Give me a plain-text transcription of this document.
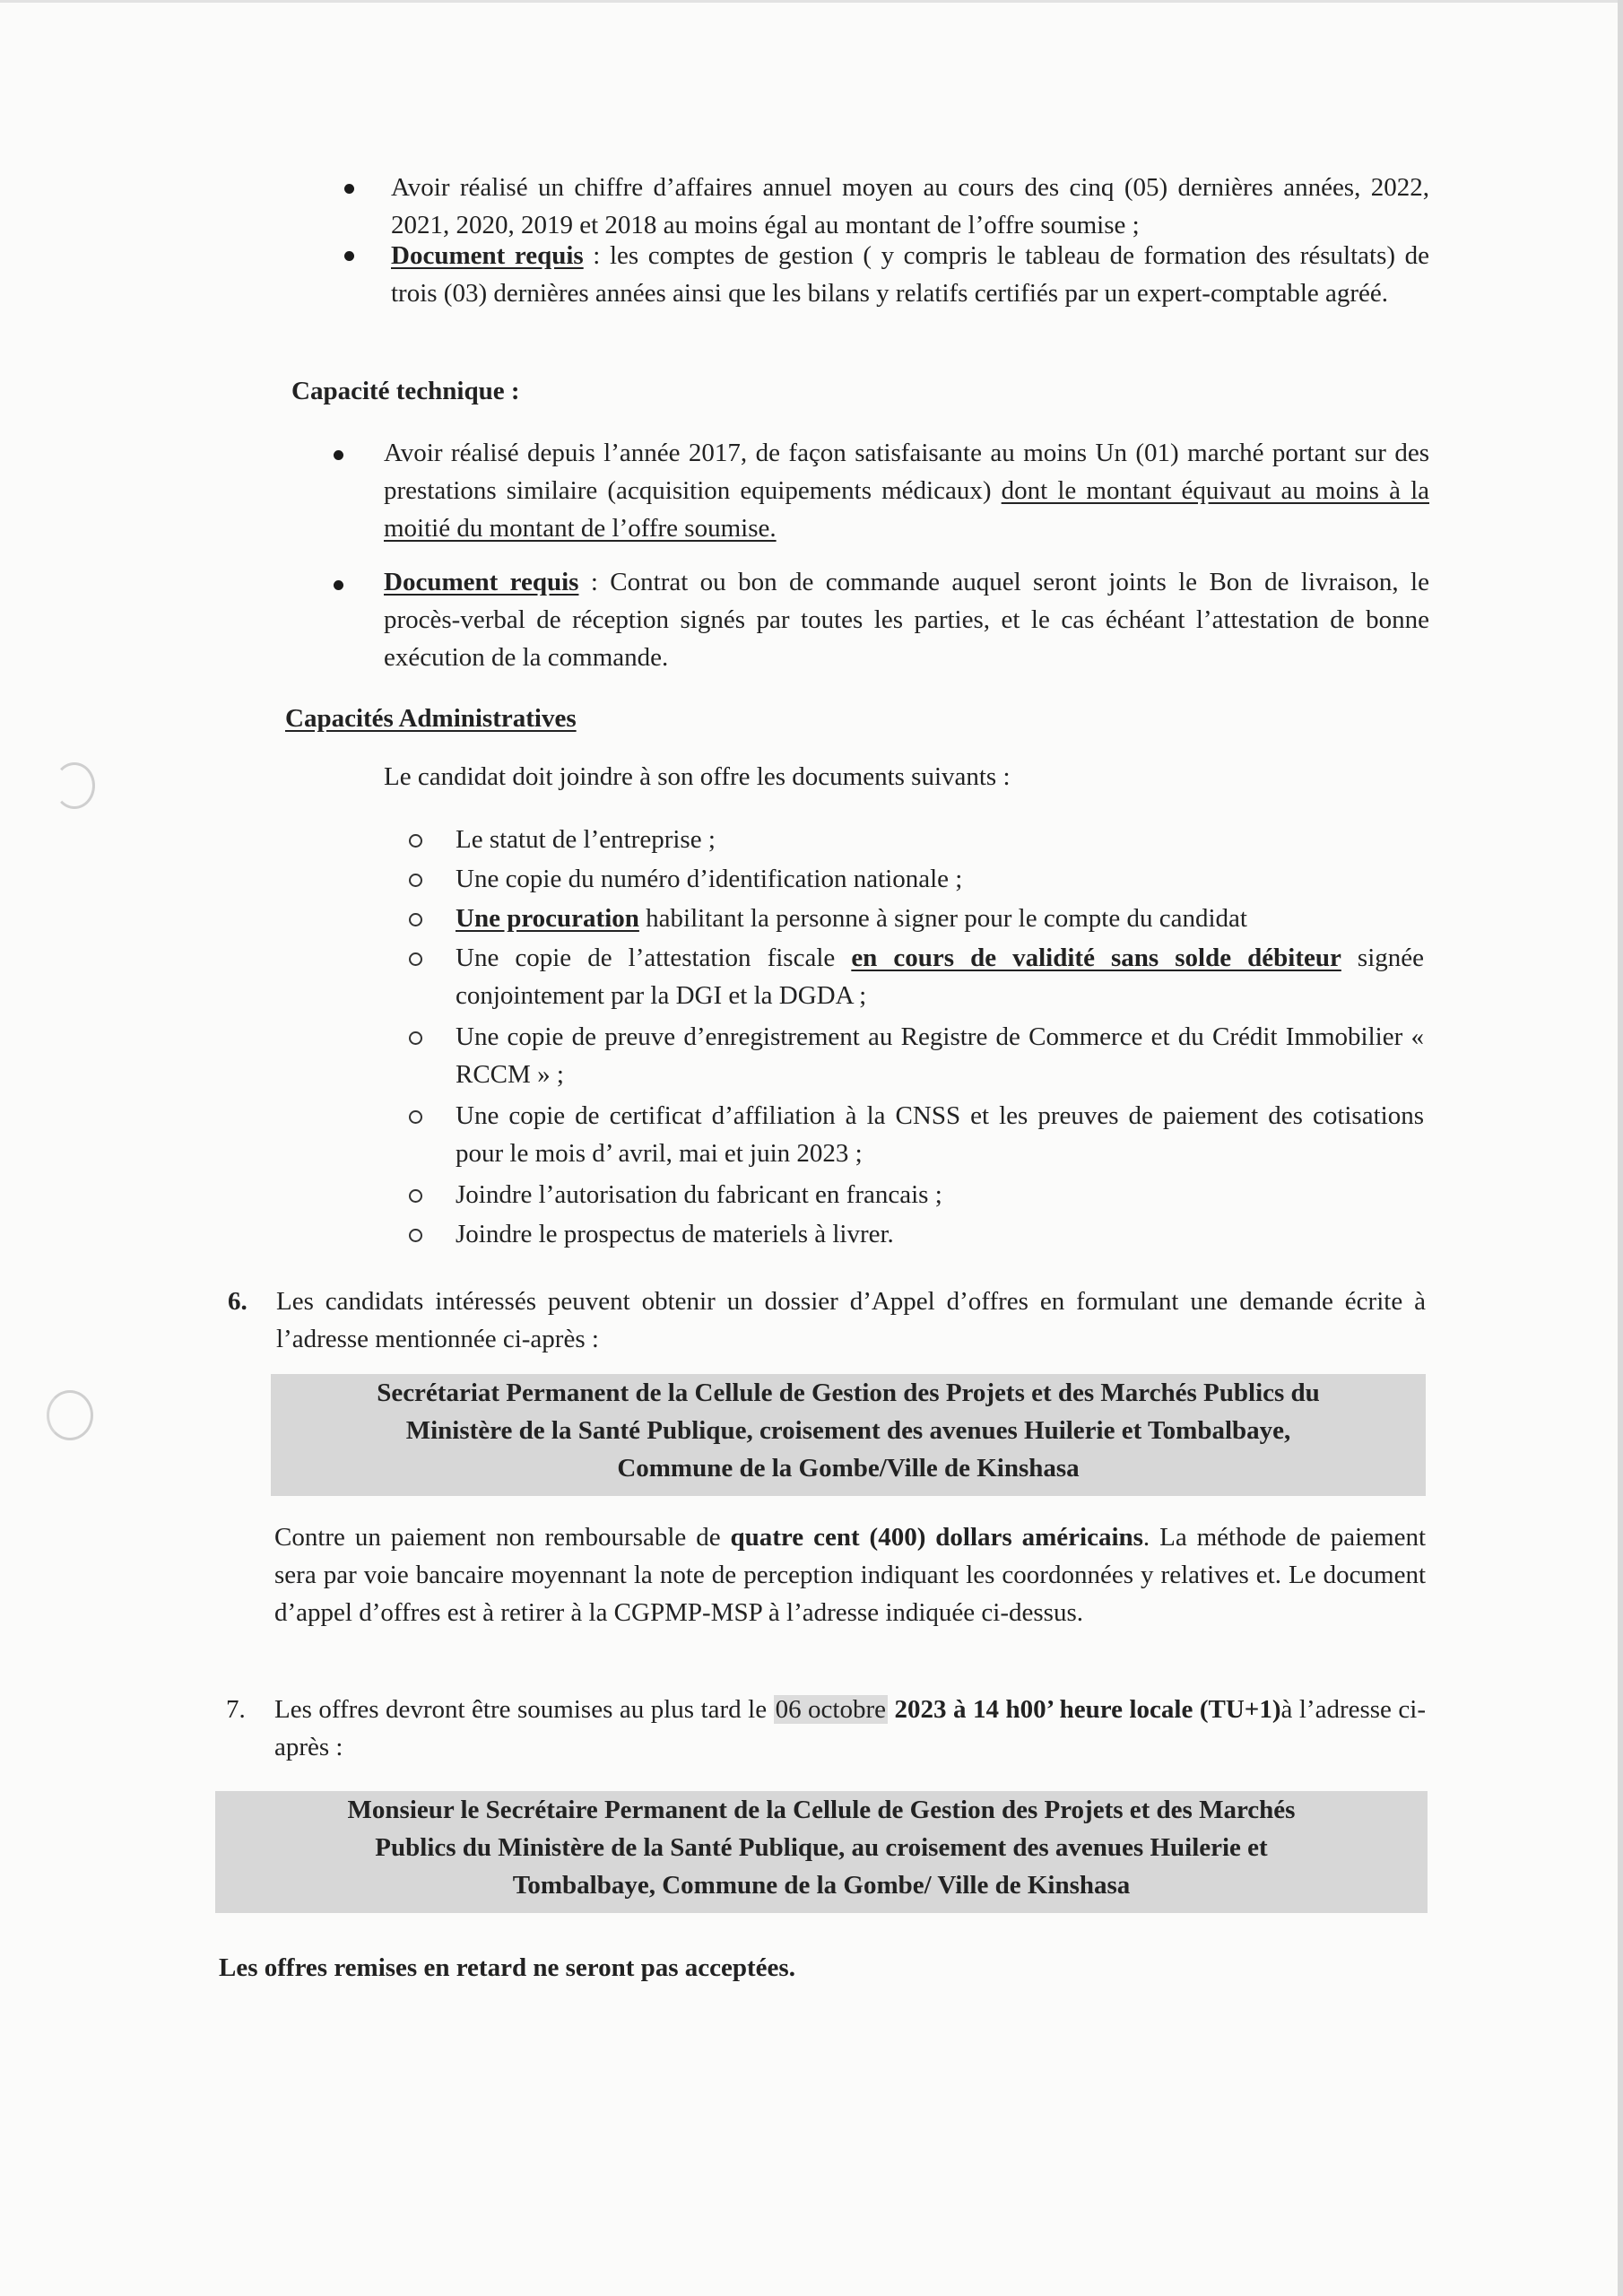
Avoir réalisé un chiffre d’affaires annuel moyen au cours des cinq (05) dernières années, 2022, 2021, 2020, 2019 et 2018 au moins égal au montant de l’offre soumise ;
Document requis : les comptes de gestion ( y compris le tableau de formation des résultats) de trois (03) dernières années ainsi que les bilans y relatifs certifiés par un expert-comptable agréé.
Capacité technique :
Avoir réalisé depuis l’année 2017, de façon satisfaisante au moins Un (01) marché portant sur des prestations similaire (acquisition equipements médicaux) dont le montant équivaut au moins à la moitié du montant de l’offre soumise.
Document requis : Contrat ou bon de commande auquel seront joints le Bon de livraison, le procès-verbal de réception signés par toutes les parties, et le cas échéant l’attestation de bonne exécution de la commande.
Capacités Administratives
Le candidat doit joindre à son offre les documents suivants :
Le statut de l’entreprise ;
Une copie du numéro d’identification nationale ;
Une procuration habilitant la personne à signer pour le compte du candidat
Une copie de l’attestation fiscale en cours de validité sans solde débiteur signée conjointement par la DGI et la DGDA ;
Une copie de preuve d’enregistrement au Registre de Commerce et du Crédit Immobilier « RCCM » ;
Une copie de certificat d’affiliation à la CNSS et les preuves de paiement des cotisations pour le mois d’ avril, mai et juin 2023 ;
Joindre l’autorisation du fabricant en francais ;
Joindre le prospectus de materiels à livrer.
6. Les candidats intéressés peuvent obtenir un dossier d’Appel d’offres en formulant une demande écrite à l’adresse mentionnée ci-après :
Secrétariat Permanent de la Cellule de Gestion des Projets et des Marchés Publics du
Ministère de la Santé Publique, croisement des avenues Huilerie et Tombalbaye,
Commune de la Gombe/Ville de Kinshasa
Contre un paiement non remboursable de quatre cent (400) dollars américains. La méthode de paiement sera par voie bancaire moyennant la note de perception indiquant les coordonnées y relatives et. Le document d’appel d’offres est à retirer à la CGPMP-MSP à l’adresse indiquée ci-dessus.
7. Les offres devront être soumises au plus tard le 06 octobre 2023 à 14 h00’ heure locale (TU+1)à l’adresse ci-après :
Monsieur le Secrétaire Permanent de la Cellule de Gestion des Projets et des Marchés
Publics du Ministère de la Santé Publique, au croisement des avenues Huilerie et
Tombalbaye, Commune de la Gombe/ Ville de Kinshasa
Les offres remises en retard ne seront pas acceptées.
